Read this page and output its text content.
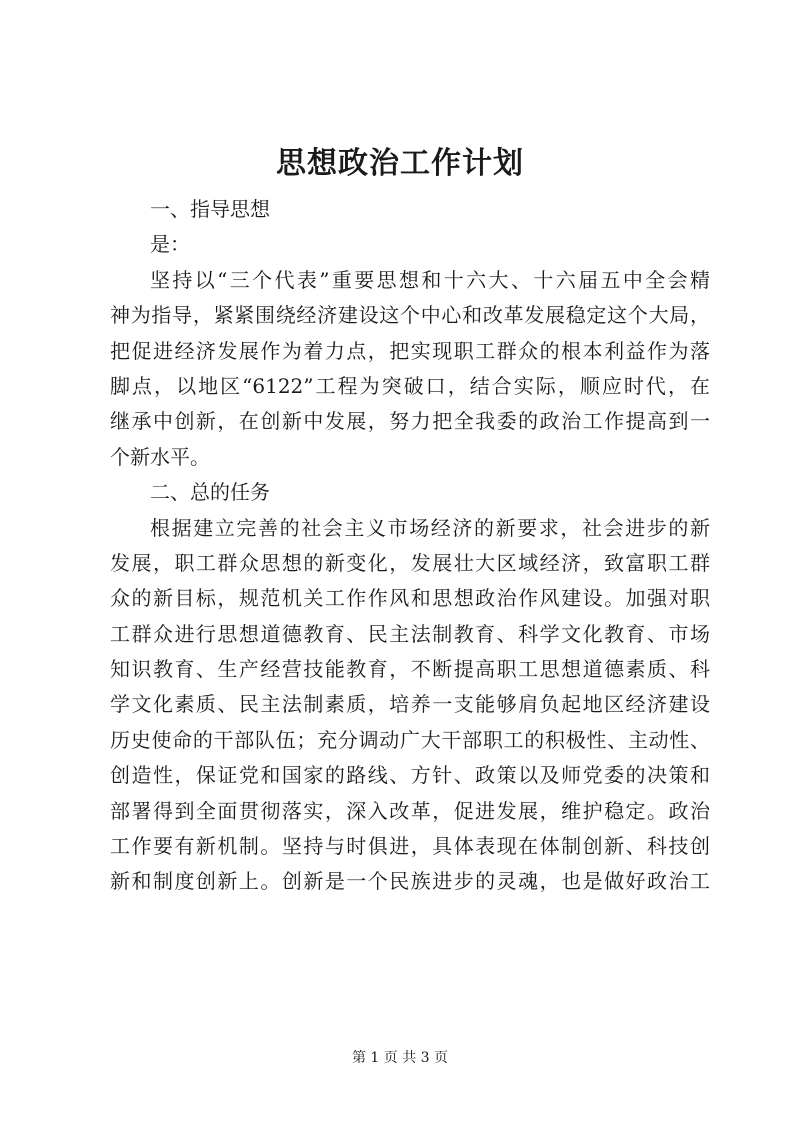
思想政治工作计划
一、指导思想
是：
坚持以“三个代表”重要思想和十六大、十六届五中全会精
神为指导，紧紧围绕经济建设这个中心和改革发展稳定这个大局，
把促进经济发展作为着力点，把实现职工群众的根本利益作为落
脚点，以地区“6122”工程为突破口，结合实际，顺应时代，在
继承中创新，在创新中发展，努力把全我委的政治工作提高到一
个新水平。
二、总的任务
根据建立完善的社会主义市场经济的新要求，社会进步的新
发展，职工群众思想的新变化，发展壮大区域经济，致富职工群
众的新目标，规范机关工作作风和思想政治作风建设。加强对职
工群众进行思想道德教育、民主法制教育、科学文化教育、市场
知识教育、生产经营技能教育，不断提高职工思想道德素质、科
学文化素质、民主法制素质，培养一支能够肩负起地区经济建设
历史使命的干部队伍；充分调动广大干部职工的积极性、主动性、
创造性，保证党和国家的路线、方针、政策以及师党委的决策和
部署得到全面贯彻落实，深入改革，促进发展，维护稳定。政治
工作要有新机制。坚持与时俱进，具体表现在体制创新、科技创
新和制度创新上。创新是一个民族进步的灵魂，也是做好政治工
第 1 页 共 3 页
